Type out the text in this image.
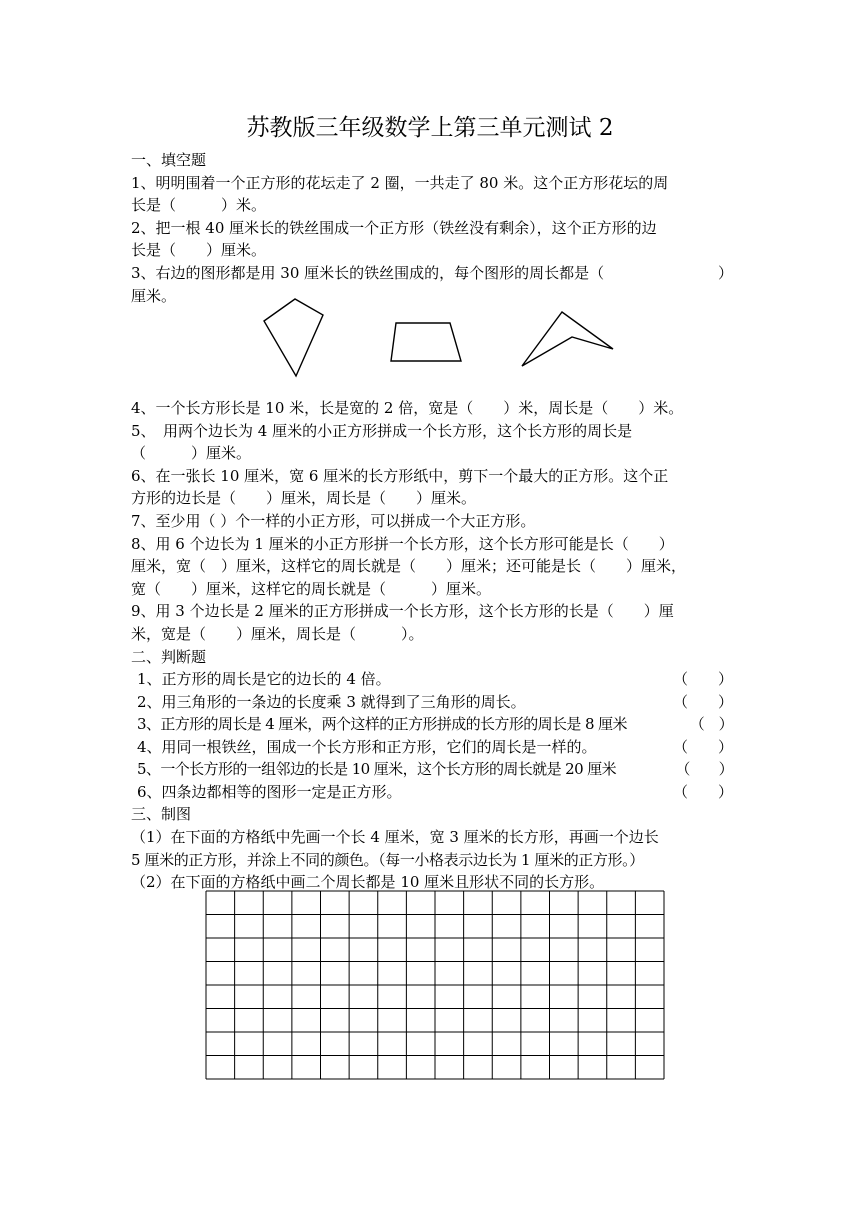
苏教版三年级数学上第三单元测试 2
一、填空题
1、明明围着一个正方形的花坛走了 2 圈，一共走了 80 米。这个正方形花坛的周
长是（　　　）米。
2、把一根 40 厘米长的铁丝围成一个正方形（铁丝没有剩余），这个正方形的边
长是（　　）厘米。
3、右边的图形都是用 30 厘米长的铁丝围成的，每个图形的周长都是（	）
厘米。
4、一个长方形长是 10 米，长是宽的 2 倍，宽是（　　）米，周长是（　　）米。
5、　用两个边长为 4 厘米的小正方形拼成一个长方形，这个长方形的周长是
（　　　）厘米。
6、在一张长 10 厘米，宽 6 厘米的长方形纸中，剪下一个最大的正方形。这个正
方形的边长是（　　）厘米，周长是（　　）厘米。
7、至少用（ ）个一样的小正方形，可以拼成一个大正方形。
8、用 6 个边长为 1 厘米的小正方形拼一个长方形，这个长方形可能是长（　　）
厘米，宽（　）厘米，这样它的周长就是（　　）厘米；还可能是长（　　）厘米，
宽（　　）厘米，这样它的周长就是（　　　）厘米。
9、用 3 个边长是 2 厘米的正方形拼成一个长方形，这个长方形的长是（　　）厘
米，宽是（　　）厘米，周长是（　　　）。
二、判断题
1、正方形的周长是它的边长的 4 倍。	（　　）
2、用三角形的一条边的长度乘 3 就得到了三角形的周长。	（　　）
3、正方形的周长是 4 厘米，两个这样的正方形拼成的长方形的周长是 8 厘米	（　）
4、用同一根铁丝，围成一个长方形和正方形，它们的周长是一样的。	（　　）
5、一个长方形的一组邻边的长是 10 厘米，这个长方形的周长就是 20 厘米	（　　）
6、四条边都相等的图形一定是正方形。	（　　）
三、制图
（1）在下面的方格纸中先画一个长 4 厘米，宽 3 厘米的长方形，再画一个边长
5 厘米的正方形，并涂上不同的颜色。（每一小格表示边长为 1 厘米的正方形。）
（2）在下面的方格纸中画二个周长都是 10 厘米且形状不同的长方形。
